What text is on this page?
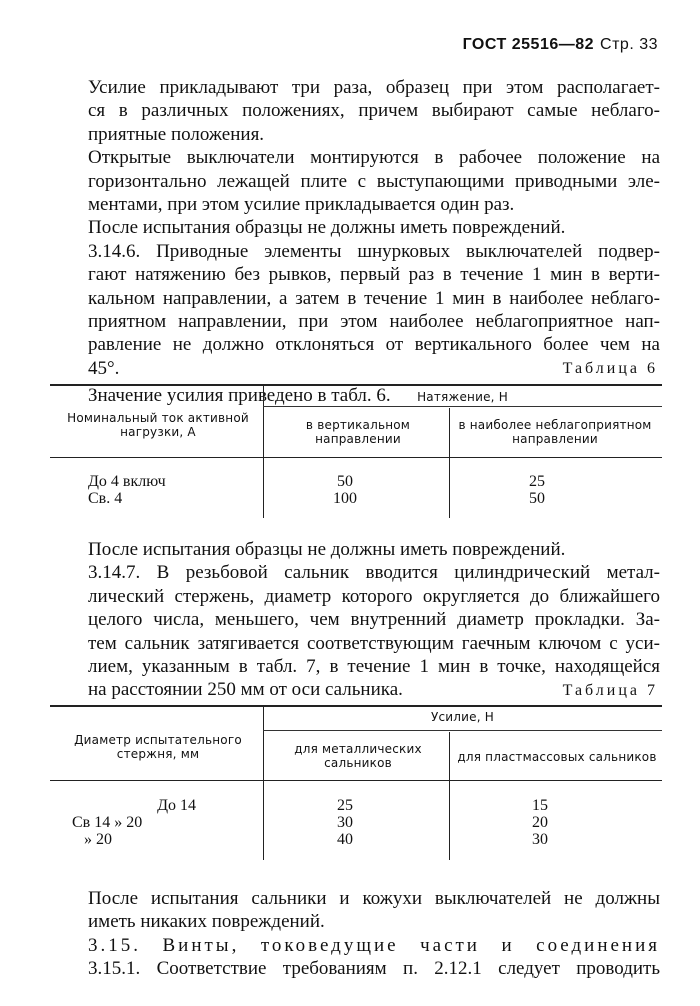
ГОСТ 25516—82 Стр. 33
Усилие прикладывают три раза, образец при этом располагает-
ся в различных положениях, причем выбирают самые неблаго-
приятные положения.
Открытые выключатели монтируются в рабочее положение на
горизонтально лежащей плите с выступающими приводными эле-
ментами, при этом усилие прикладывается один раз.
После испытания образцы не должны иметь повреждений.
3.14.6. Приводные элементы шнурковых выключателей подвер-
гают натяжению без рывков, первый раз в течение 1 мин в верти-
кальном направлении, а затем в течение 1 мин в наиболее неблаго-
приятном направлении, при этом наиболее неблагоприятное нап-
равление не должно отклоняться от вертикального более чем на
45°.
Значение усилия приведено в табл. 6.
Таблица 6
Номинальный ток активной нагрузки, А
Натяжение, Н
в вертикальном направлении
в наиболее неблагоприятном направлении
До 4 включ
Св. 4
50
100
25
50
После испытания образцы не должны иметь повреждений.
3.14.7. В резьбовой сальник вводится цилиндрический метал-
лический стержень, диаметр которого округляется до ближайшего
целого числа, меньшего, чем внутренний диаметр прокладки. За-
тем сальник затягивается соответствующим гаечным ключом с уси-
лием, указанным в табл. 7, в течение 1 мин в точке, находящейся
на расстоянии 250 мм от оси сальника.	Таблица 7
Диаметр испытательного стержня, мм
Усилие, Н
для металлических сальников	для пластмассовых сальников
До 14
Св 14 » 20
» 20
25
30
40
15
20
30
После испытания сальники и кожухи выключателей не должны
иметь никаких повреждений.
3.15. Винты, токоведущие части и соединения
3.15.1. Соответствие требованиям п. 2.12.1 следует проводить
